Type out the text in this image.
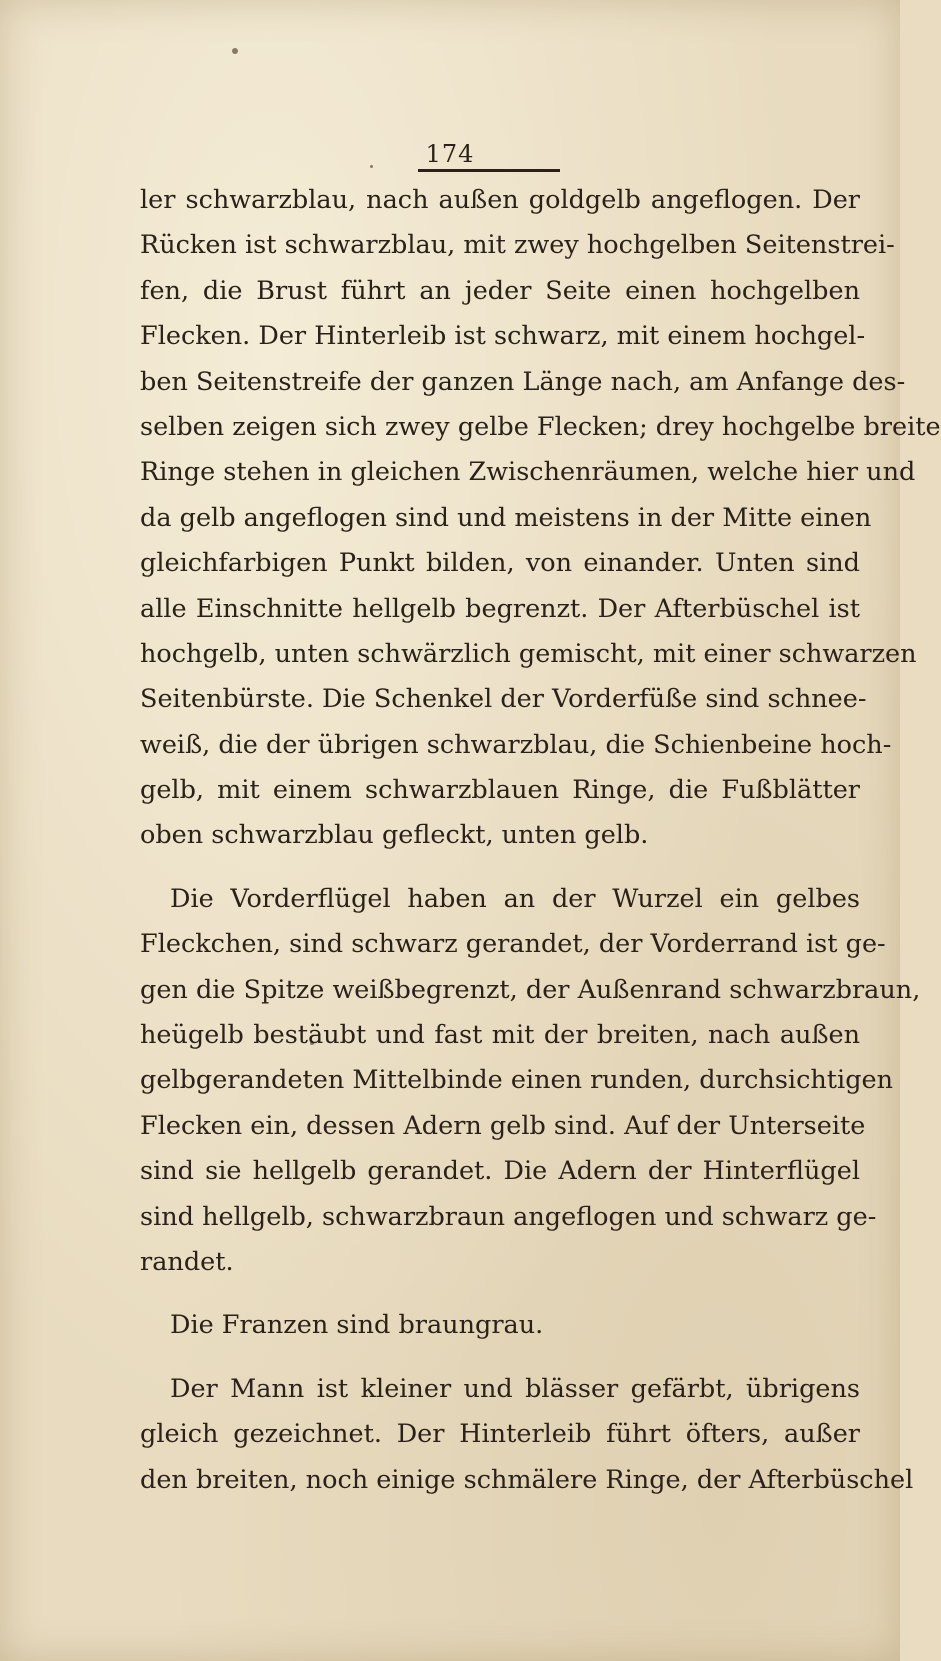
174
ler schwarzblau, nach außen goldgelb angeflogen. Der
Rücken ist schwarzblau, mit zwey hochgelben Seitenstrei-
fen, die Brust führt an jeder Seite einen hochgelben
Flecken. Der Hinterleib ist schwarz, mit einem hochgel-
ben Seitenstreife der ganzen Länge nach, am Anfange des-
selben zeigen sich zwey gelbe Flecken; drey hochgelbe breite
Ringe stehen in gleichen Zwischenräumen, welche hier und
da gelb angeflogen sind und meistens in der Mitte einen
gleichfarbigen Punkt bilden, von einander. Unten sind
alle Einschnitte hellgelb begrenzt. Der Afterbüschel ist
hochgelb, unten schwärzlich gemischt, mit einer schwarzen
Seitenbürste. Die Schenkel der Vorderfüße sind schnee-
weiß, die der übrigen schwarzblau, die Schienbeine hoch-
gelb, mit einem schwarzblauen Ringe, die Fußblätter
oben schwarzblau gefleckt, unten gelb.
Die Vorderflügel haben an der Wurzel ein gelbes
Fleckchen, sind schwarz gerandet, der Vorderrand ist ge-
gen die Spitze weißbegrenzt, der Außenrand schwarzbraun,
heügelb bestäubt und fast mit der breiten, nach außen
gelbgerandeten Mittelbinde einen runden, durchsichtigen
Flecken ein, dessen Adern gelb sind. Auf der Unterseite
sind sie hellgelb gerandet. Die Adern der Hinterflügel
sind hellgelb, schwarzbraun angeflogen und schwarz ge-
randet.
Die Franzen sind braungrau.
Der Mann ist kleiner und blässer gefärbt, übrigens
gleich gezeichnet. Der Hinterleib führt öfters, außer
den breiten, noch einige schmälere Ringe, der Afterbüschel
